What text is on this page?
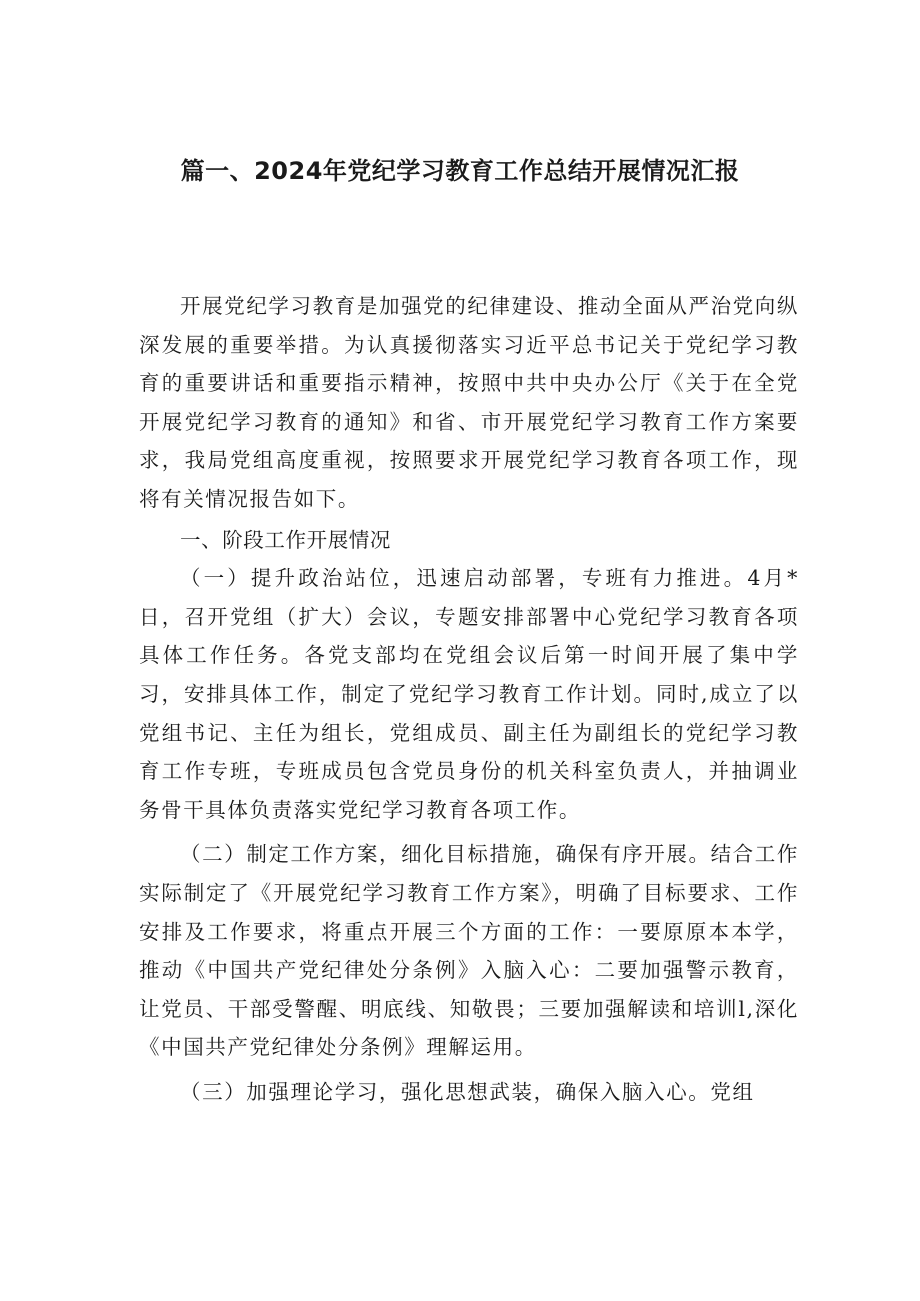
篇一、2024年党纪学习教育工作总结开展情况汇报

开展党纪学习教育是加强党的纪律建设、推动全面从严治党向纵深发展的重要举措。为认真援彻落实习近平总书记关于党纪学习教育的重要讲话和重要指示精神，按照中共中央办公厅《关于在全党开展党纪学习教育的通知》和省、市开展党纪学习教育工作方案要求，我局党组高度重视，按照要求开展党纪学习教育各项工作，现将有关情况报告如下。

一、阶段工作开展情况

（一）提升政治站位，迅速启动部署，专班有力推进。4月*日，召开党组（扩大）会议，专题安排部署中心党纪学习教育各项具体工作任务。各党支部均在党组会议后第一时间开展了集中学习，安排具体工作，制定了党纪学习教育工作计划。同时,成立了以党组书记、主任为组长，党组成员、副主任为副组长的党纪学习教育工作专班，专班成员包含党员身份的机关科室负责人，并抽调业务骨干具体负责落实党纪学习教育各项工作。

（二）制定工作方案，细化目标措施，确保有序开展。结合工作实际制定了《开展党纪学习教育工作方案》，明确了目标要求、工作安排及工作要求，将重点开展三个方面的工作：一要原原本本学，推动《中国共产党纪律处分条例》入脑入心：二要加强警示教育，让党员、干部受警醒、明底线、知敬畏；三要加强解读和培训l,深化《中国共产党纪律处分条例》理解运用。

（三）加强理论学习，强化思想武装，确保入脑入心。党组
